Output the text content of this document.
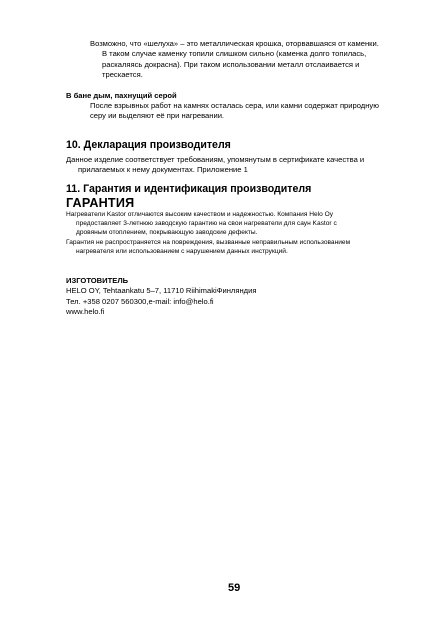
Возможно, что «шелуха» – это металлическая крошка, оторвавшаяся от каменки.
В таком случае каменку топили слишком сильно (каменка долго топилась,
раскаляясь докрасна). При таком использовании металл отслаивается и
трескается.
В бане дым, пахнущий серой
После взрывных работ на камнях осталась сера, или камни содержат природную
серу ии выделяют её при нагревании.
10. Декларация производителя
Данное изделие соответствует требованиям, упомянутым в сертификате качества и
прилагаемых к нему документах. Приложение 1
11. Гарантия и идентификация производителя
ГАРАНТИЯ
Нагреватели Kastor отличаются высоким качеством и надежностью. Компания Helo Oy
предоставляет 3-летнюю заводскую гарантию на свои нагреватели для саун Kastor с
дровяным отоплением, покрывающую заводские дефекты.
Гарантия не распространяется на повреждения, вызванные неправильным использованием
нагревателя или использованием с нарушением данных инструкций.
ИЗГОТОВИТЕЛЬ
HELO OY, Tehtaankatu 5–7, 11710 RiihimakiФинляндия
Тел. +358 0207 560300,e-mail: info@helo.fi
www.helo.fi
59
